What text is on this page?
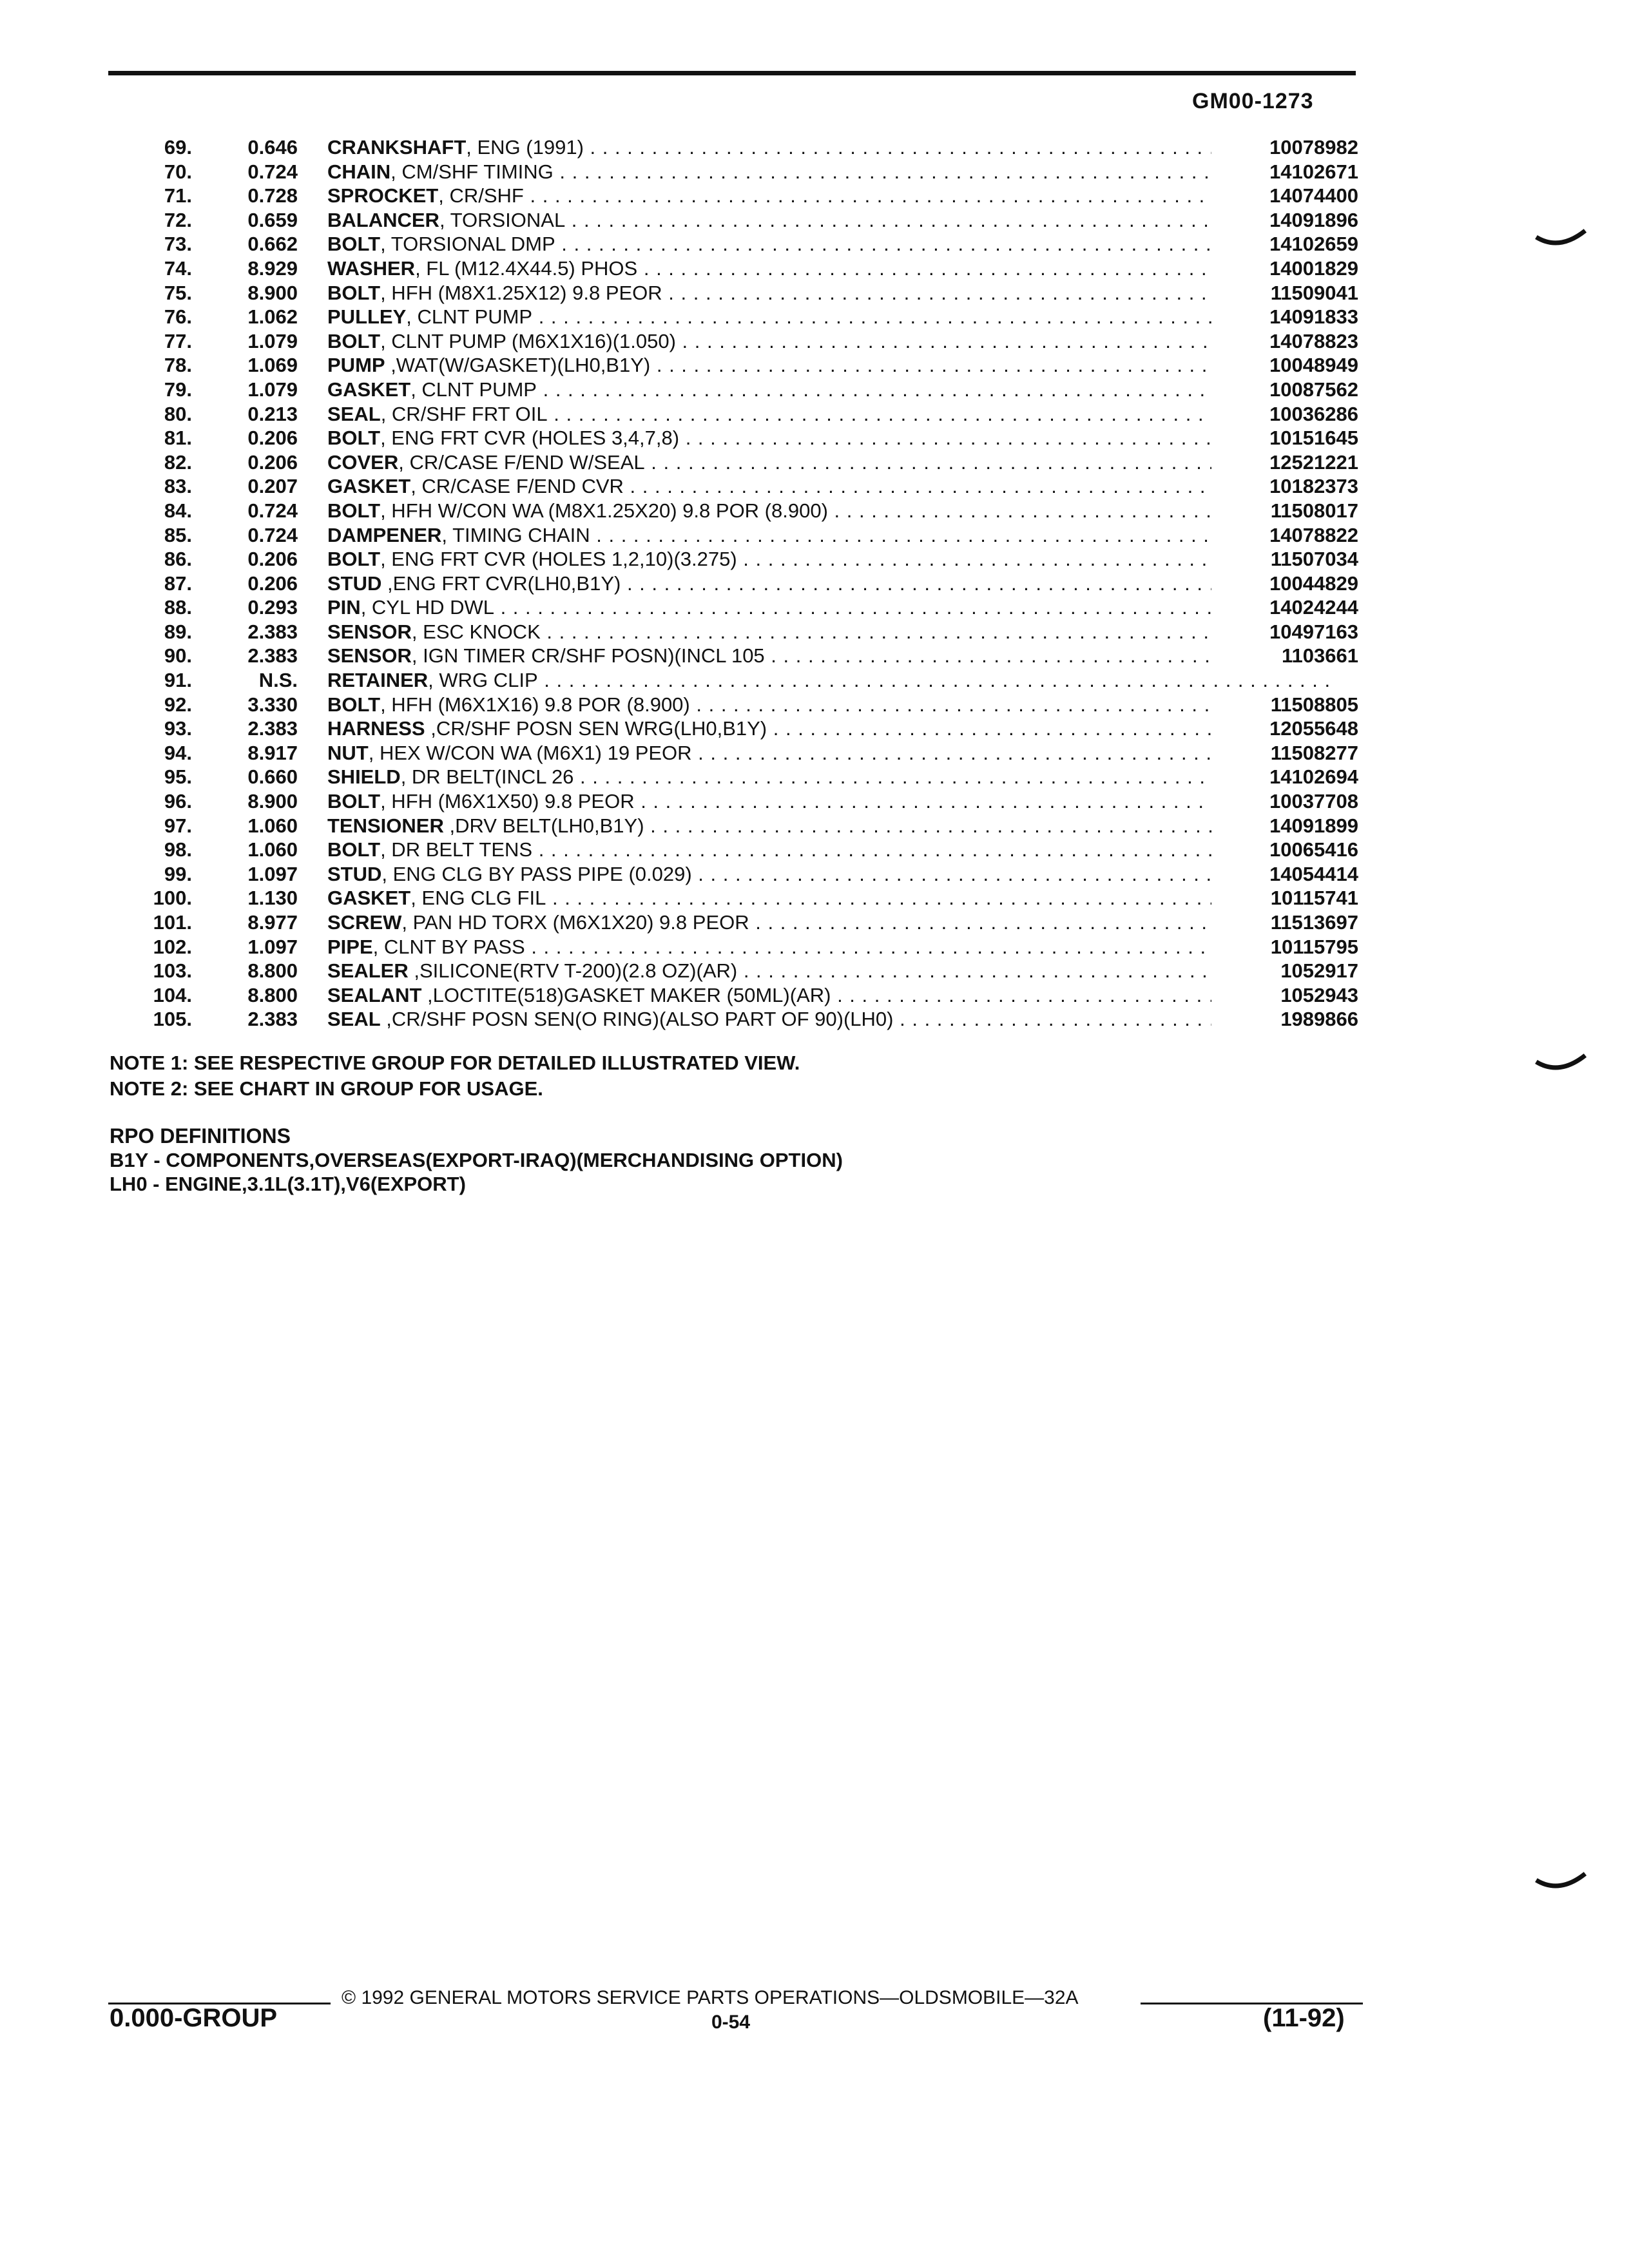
GM00-1273
69.	0.646 CRANKSHAFT, ENG (1991) . . .	10078982
70.	0.724 CHAIN, CM/SHF TIMING . . .	14102671
71.	0.728 SPROCKET, CR/SHF . . .	14074400
72.	0.659 BALANCER, TORSIONAL . . .	14091896
73.	0.662 BOLT, TORSIONAL DMP . . .	14102659
74.	8.929 WASHER, FL (M12.4X44.5) PHOS . . .	14001829
75.	8.900 BOLT, HFH (M8X1.25X12) 9.8 PEOR . . .	11509041
76.	1.062 PULLEY, CLNT PUMP . . .	14091833
77.	1.079 BOLT, CLNT PUMP (M6X1X16)(1.050) . . .	14078823
78.	1.069 PUMP ,WAT(W/GASKET)(LH0,B1Y) . . .	10048949
79.	1.079 GASKET, CLNT PUMP . . .	10087562
80.	0.213 SEAL, CR/SHF FRT OIL . . .	10036286
81.	0.206 BOLT, ENG FRT CVR (HOLES 3,4,7,8) . . .	10151645
82.	0.206 COVER, CR/CASE F/END W/SEAL . . .	12521221
83.	0.207 GASKET, CR/CASE F/END CVR . . .	10182373
84.	0.724 BOLT, HFH W/CON WA (M8X1.25X20) 9.8 POR (8.900) . . .	11508017
85.	0.724 DAMPENER, TIMING CHAIN . . .	14078822
86.	0.206 BOLT, ENG FRT CVR (HOLES 1,2,10)(3.275) . . .	11507034
87.	0.206 STUD ,ENG FRT CVR(LH0,B1Y) . . .	10044829
88.	0.293 PIN, CYL HD DWL . . .	14024244
89.	2.383 SENSOR, ESC KNOCK . . .	10497163
90.	2.383 SENSOR, IGN TIMER CR/SHF POSN)(INCL 105 . . .	1103661
91.	N.S. RETAINER, WRG CLIP . . .
92.	3.330 BOLT, HFH (M6X1X16) 9.8 POR (8.900) . . .	11508805
93.	2.383 HARNESS ,CR/SHF POSN SEN WRG(LH0,B1Y) . . .	12055648
94.	8.917 NUT, HEX W/CON WA (M6X1) 19 PEOR . . .	11508277
95.	0.660 SHIELD, DR BELT(INCL 26 . . .	14102694
96.	8.900 BOLT, HFH (M6X1X50) 9.8 PEOR . . .	10037708
97.	1.060 TENSIONER ,DRV BELT(LH0,B1Y) . . .	14091899
98.	1.060 BOLT, DR BELT TENS . . .	10065416
99.	1.097 STUD, ENG CLG BY PASS PIPE (0.029) . . .	14054414
100.	1.130 GASKET, ENG CLG FIL . . .	10115741
101.	8.977 SCREW, PAN HD TORX (M6X1X20) 9.8 PEOR . . .	11513697
102.	1.097 PIPE, CLNT BY PASS . . .	10115795
103.	8.800 SEALER ,SILICONE(RTV T-200)(2.8 OZ)(AR) . . .	1052917
104.	8.800 SEALANT ,LOCTITE(518)GASKET MAKER (50ML)(AR) . . .	1052943
105.	2.383 SEAL ,CR/SHF POSN SEN(O RING)(ALSO PART OF 90)(LH0) . . .	1989866
NOTE 1: SEE RESPECTIVE GROUP FOR DETAILED ILLUSTRATED VIEW.
NOTE 2: SEE CHART IN GROUP FOR USAGE.
RPO DEFINITIONS
B1Y - COMPONENTS,OVERSEAS(EXPORT-IRAQ)(MERCHANDISING OPTION)
LH0 - ENGINE,3.1L(3.1T),V6(EXPORT)
© 1992 GENERAL MOTORS SERVICE PARTS OPERATIONS—OLDSMOBILE—32A
0.000-GROUP	0-54	(11-92)
